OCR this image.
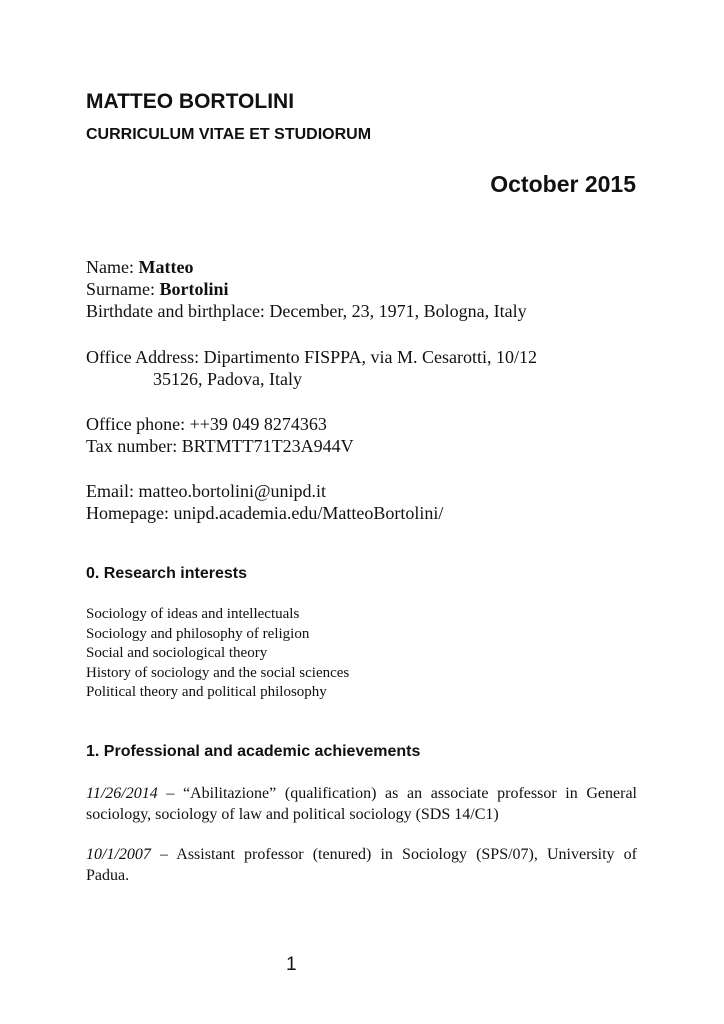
MATTEO BORTOLINI
CURRICULUM VITAE ET STUDIORUM
October 2015
Name: Matteo
Surname: Bortolini
Birthdate and birthplace: December, 23, 1971, Bologna, Italy
Office Address: Dipartimento FISPPA, via M. Cesarotti, 10/12
35126, Padova, Italy
Office phone: ++39 049 8274363
Tax number: BRTMTT71T23A944V
Email: matteo.bortolini@unipd.it
Homepage: unipd.academia.edu/MatteoBortolini/
0. Research interests
Sociology of ideas and intellectuals
Sociology and philosophy of religion
Social and sociological theory
History of sociology and the social sciences
Political theory and political philosophy
1. Professional and academic achievements
11/26/2014 – “Abilitazione” (qualification) as an associate professor in General sociology, sociology of law and political sociology (SDS 14/C1)
10/1/2007 – Assistant professor (tenured) in Sociology (SPS/07), University of Padua.
1
